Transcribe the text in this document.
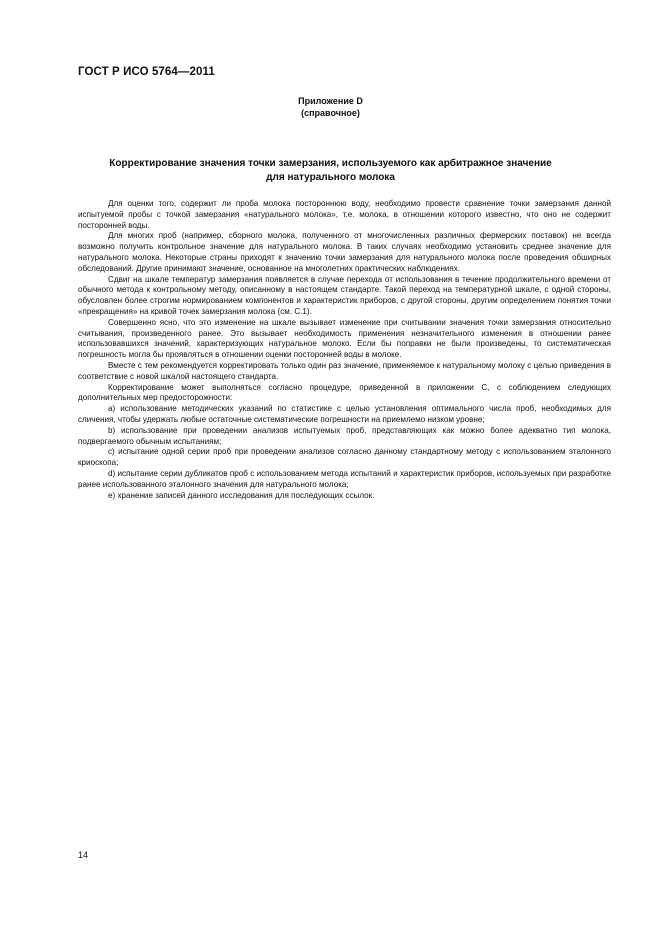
ГОСТ Р ИСО 5764—2011
Приложение D
(справочное)
Корректирование значения точки замерзания, используемого как арбитражное значение
для натурального молока

Для оценки того, содержит ли проба молока постороннюю воду, необходимо провести сравнение точки замерзания данной испытуемой пробы с точкой замерзания «натурального молока», т.е. молока, в отношении которого известно, что оно не содержит посторонней воды.

Для многих проб (например, сборного молока, полученного от многочисленных различных фермерских поставок) не всегда возможно получить контрольное значение для натурального молока. В таких случаях необходимо установить среднее значение для натурального молока. Некоторые страны приходят к значению точки замерзания для натурального молока после проведения обширных обследований. Другие принимают значение, основанное на многолетних практических наблюдениях.

Сдвиг на шкале температур замерзания появляется в случае перехода от использования в течение продолжительного времени от обычного метода к контрольному методу, описанному в настоящем стандарте. Такой переход на температурной шкале, с одной стороны, обусловлен более строгим нормированием компонентов и характеристик приборов, с другой стороны, другим определением понятия точки «прекращения» на кривой точек замерзания молока (см. С.1).

Совершенно ясно, что это изменение на шкале вызывает изменение при считывании значения точки замерзания относительно считывания, произведенного ранее. Это вызывает необходимость применения незначительного изменения в отношении ранее использовавшихся значений, характеризующих натуральное молоко. Если бы поправки не были произведены, то систематическая погрешность могла бы проявляться в отношении оценки посторонней воды в молоке.

Вместе с тем рекомендуется корректировать только один раз значение, применяемое к натуральному молоку с целью приведения в соответствие с новой шкалой настоящего стандарта.

Корректирование может выполняться согласно процедуре, приведенной в приложении С, с соблюдением следующих дополнительных мер предосторожности:

а) использование методических указаний по статистике с целью установления оптимального числа проб, необходимых для сличения, чтобы удержать любые остаточные систематические погрешности на приемлемо низком уровне;

b) использование при проведении анализов испытуемых проб, представляющих как можно более адекватно тип молока, подвергаемого обычным испытаниям;

с) испытание одной серии проб при проведении анализов согласно данному стандартному методу с использованием эталонного криоскопа;

d) испытание серии дубликатов проб с использованием метода испытаний и характеристик приборов, используемых при разработке ранее использованного эталонного значения для натурального молока;

е) хранение записей данного исследования для последующих ссылок.

14
